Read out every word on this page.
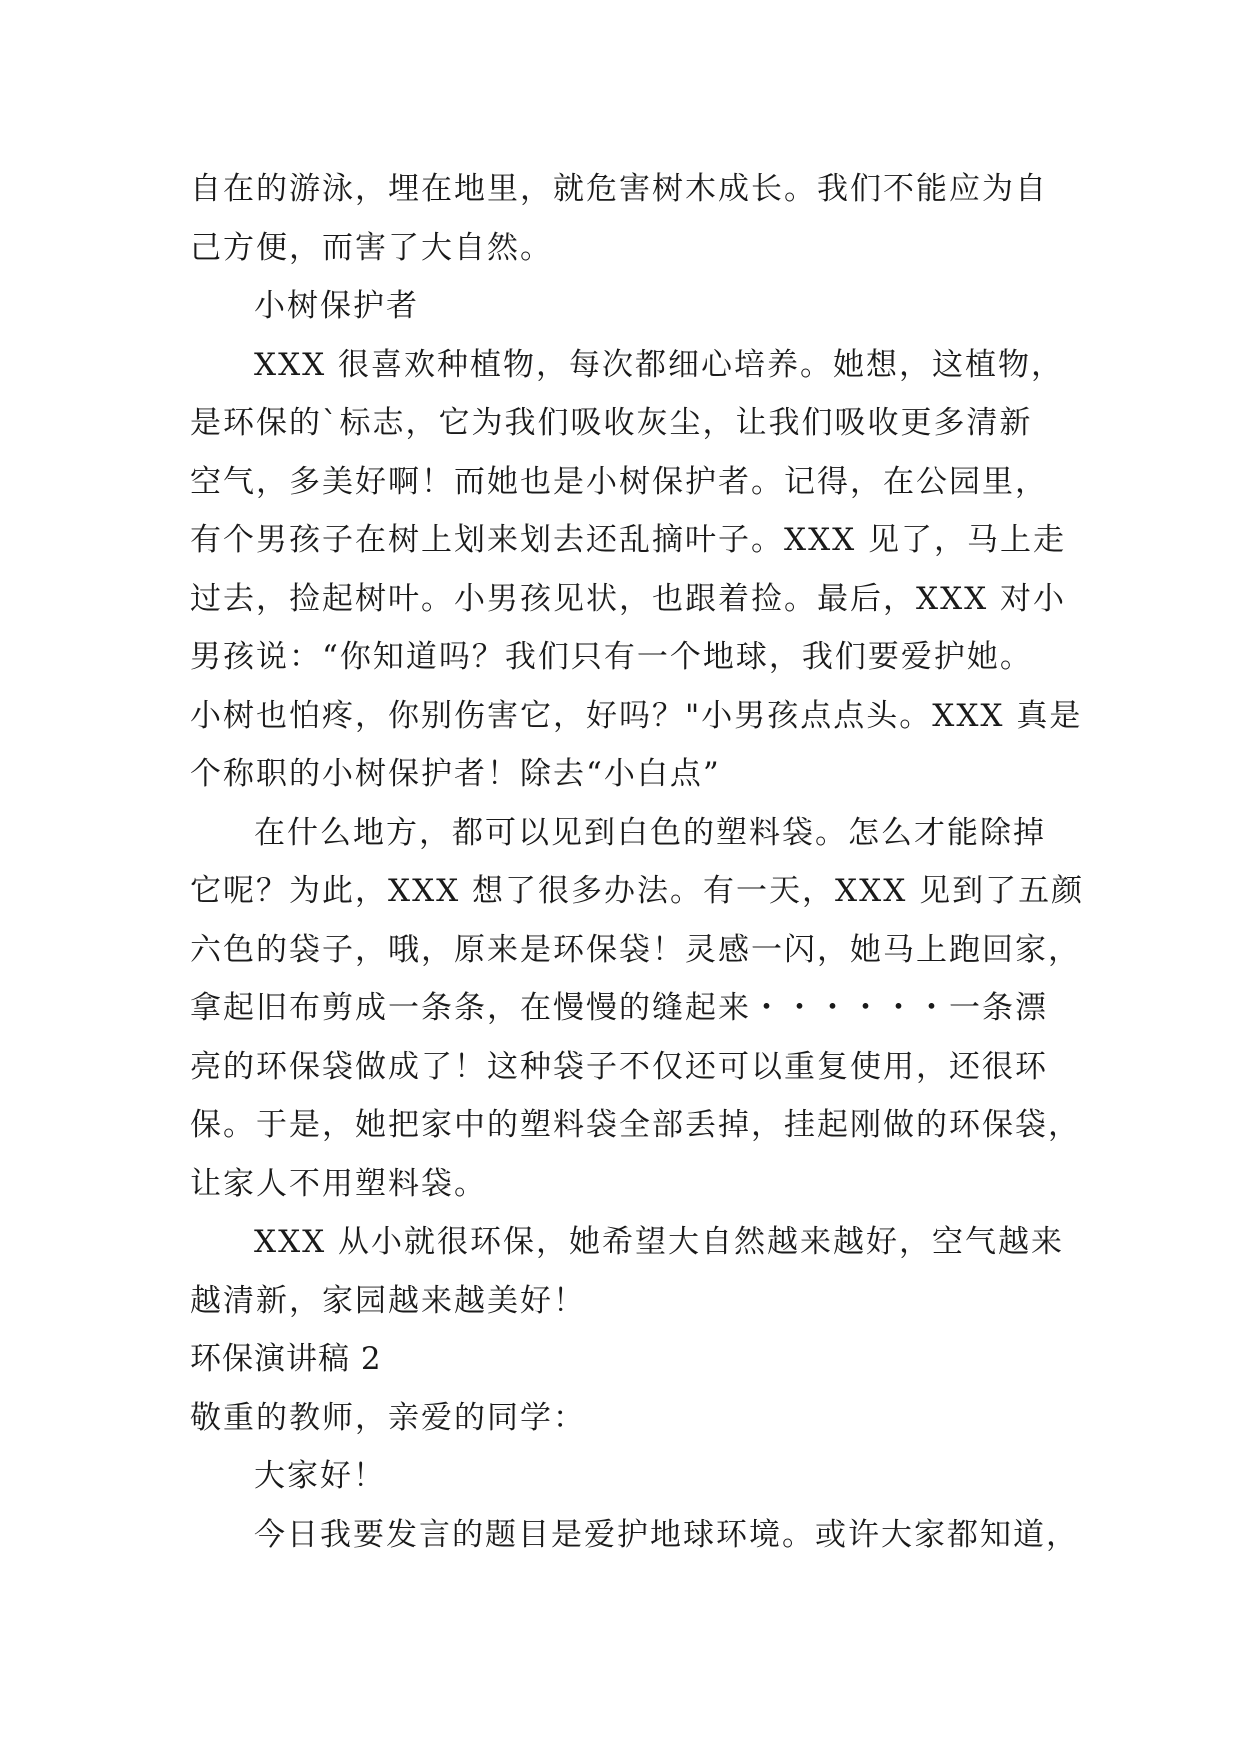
自在的游泳，埋在地里，就危害树木成长。我们不能应为自
己方便，而害了大自然。
小树保护者
XXX 很喜欢种植物，每次都细心培养。她想，这植物，
是环保的`标志，它为我们吸收灰尘，让我们吸收更多清新
空气，多美好啊！而她也是小树保护者。记得，在公园里，
有个男孩子在树上划来划去还乱摘叶子。XXX 见了，马上走
过去，捡起树叶。小男孩见状，也跟着捡。最后，XXX 对小
男孩说：“你知道吗？我们只有一个地球，我们要爱护她。
小树也怕疼，你别伤害它，好吗？"小男孩点点头。XXX 真是
个称职的小树保护者！除去“小白点”
在什么地方，都可以见到白色的塑料袋。怎么才能除掉
它呢？为此，XXX 想了很多办法。有一天，XXX 见到了五颜
六色的袋子，哦，原来是环保袋！灵感一闪，她马上跑回家，
拿起旧布剪成一条条，在慢慢的缝起来・・・・・・一条漂
亮的环保袋做成了！这种袋子不仅还可以重复使用，还很环
保。于是，她把家中的塑料袋全部丢掉，挂起刚做的环保袋，
让家人不用塑料袋。
XXX 从小就很环保，她希望大自然越来越好，空气越来
越清新，家园越来越美好！
环保演讲稿 2
敬重的教师，亲爱的同学：
大家好！
今日我要发言的题目是爱护地球环境。或许大家都知道，
